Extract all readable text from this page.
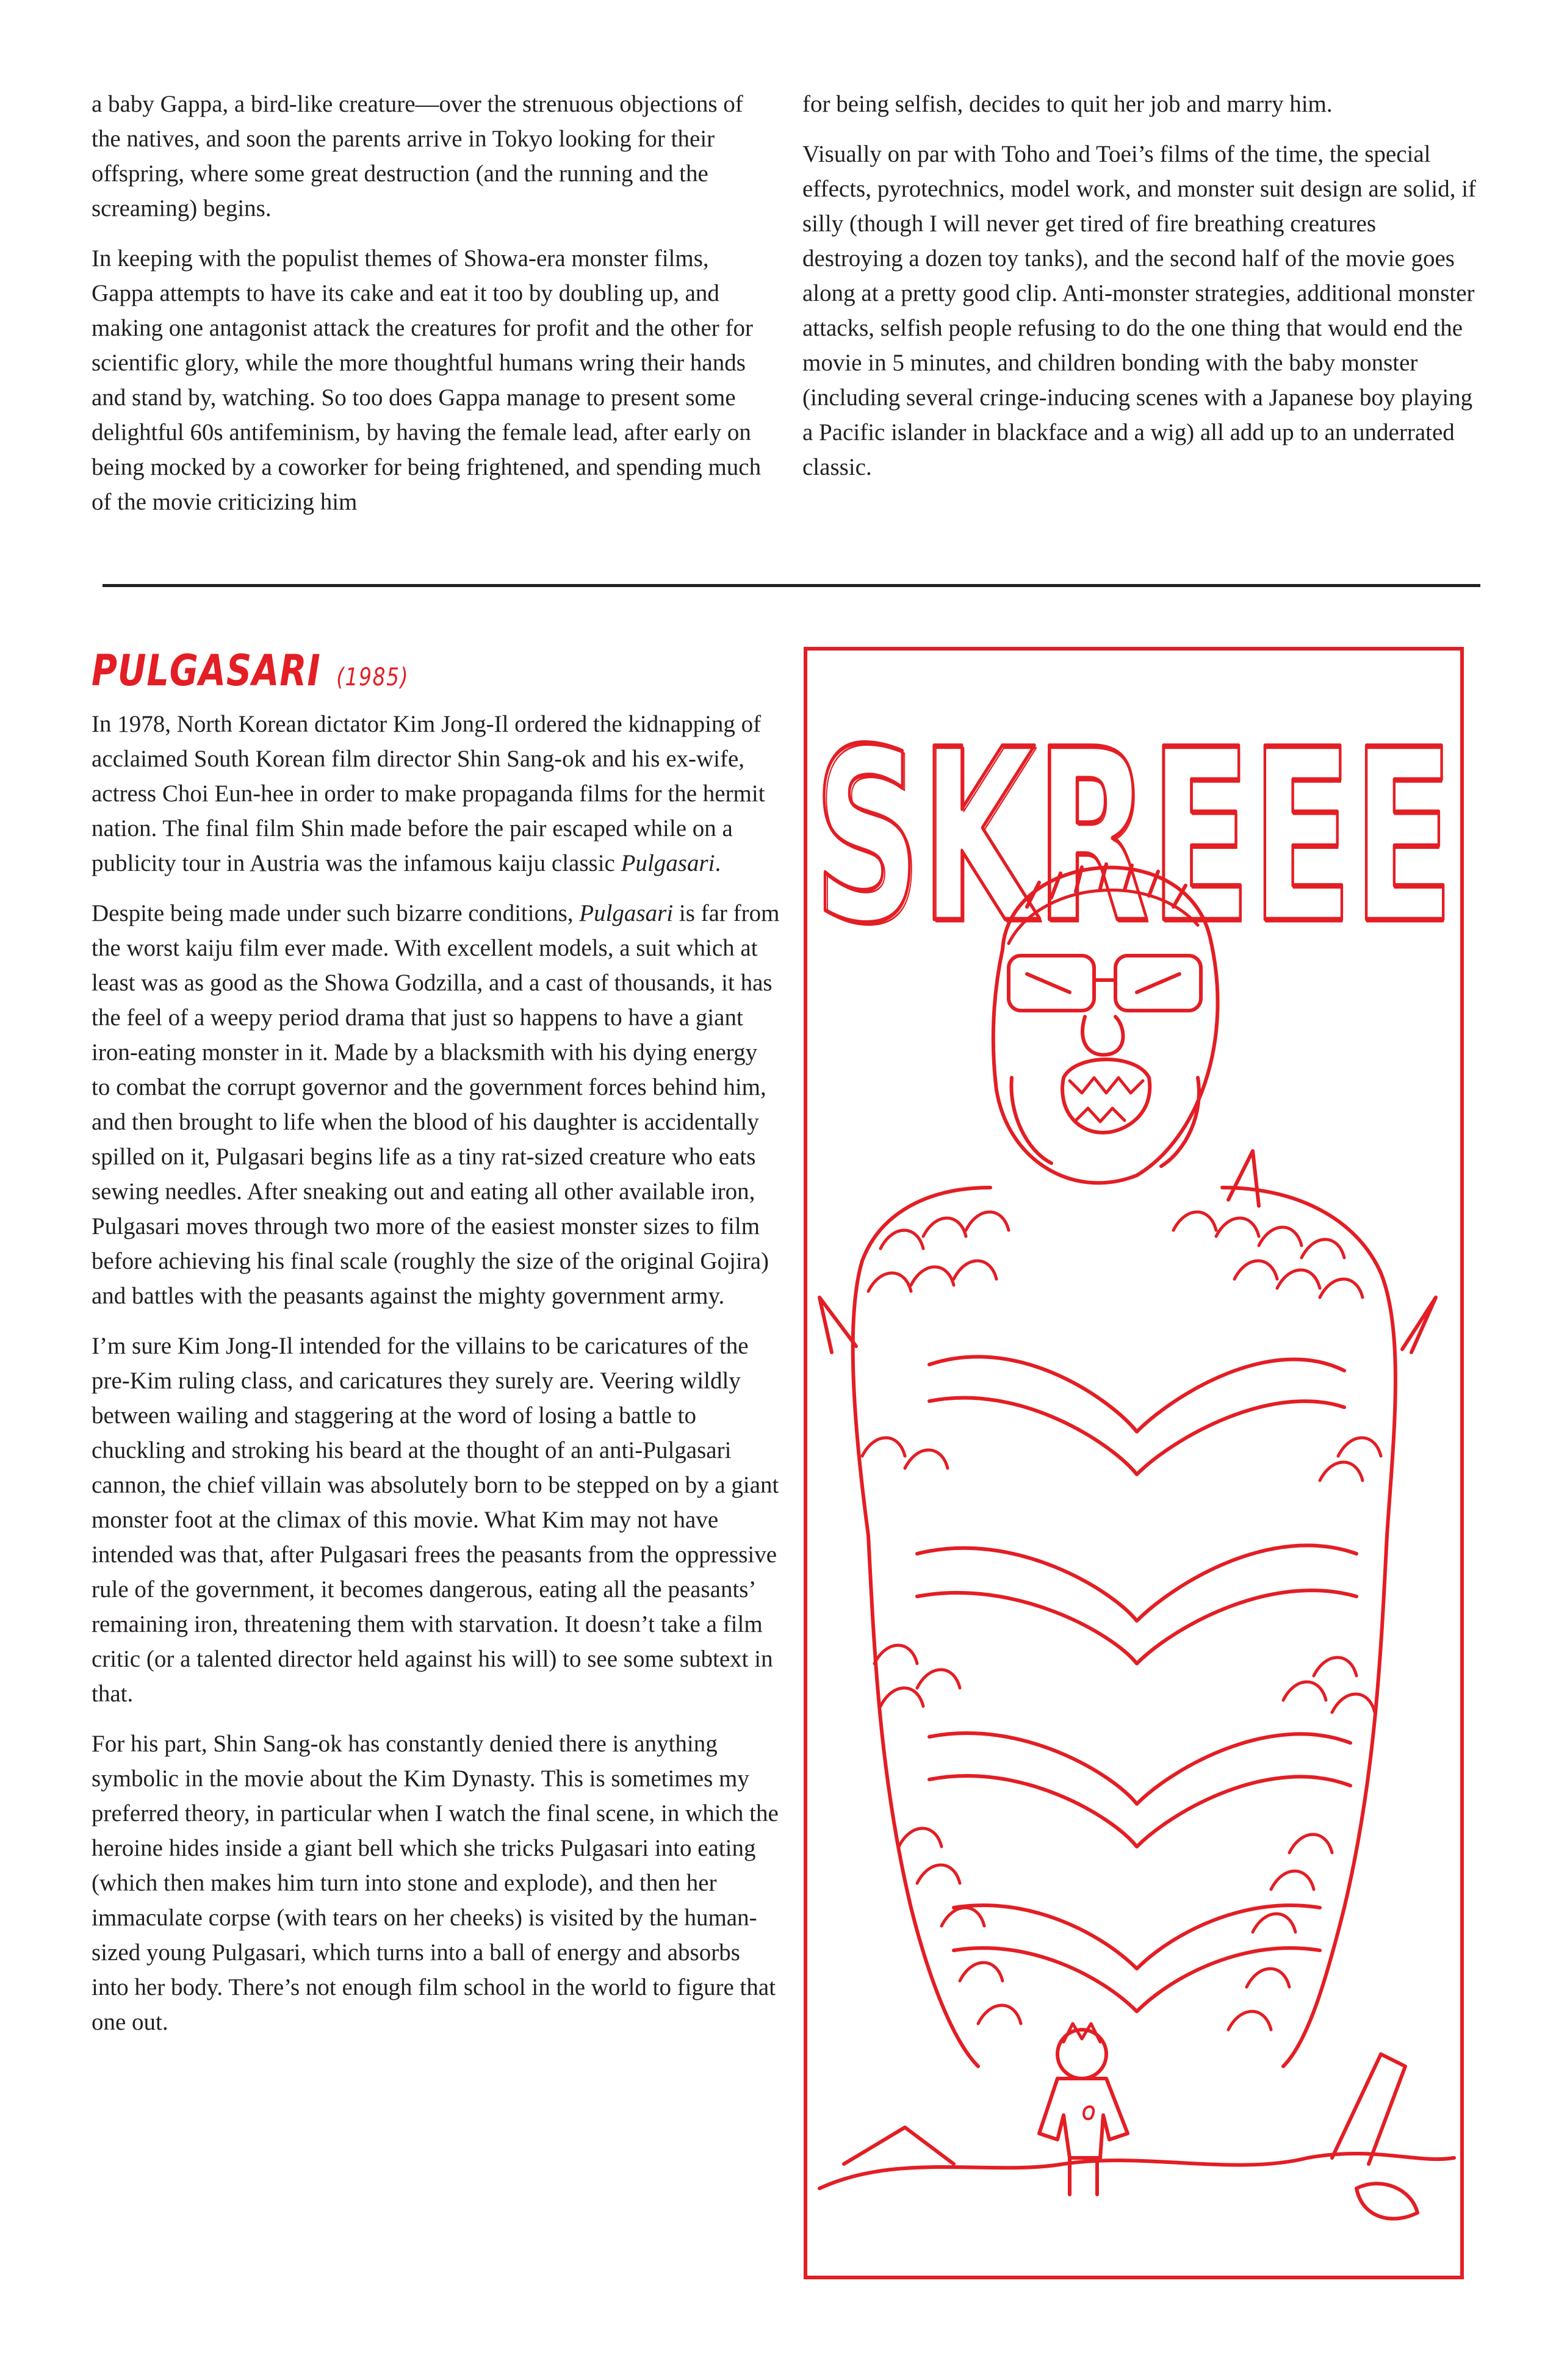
a baby Gappa, a bird-like creature—over the strenuous objections of the natives, and soon the parents arrive in Tokyo looking for their offspring, where some great destruction (and the running and the screaming) begins.

In keeping with the populist themes of Showa-era monster films, Gappa attempts to have its cake and eat it too by doubling up, and making one antagonist attack the creatures for profit and the other for scientific glory, while the more thoughtful humans wring their hands and stand by, watching. So too does Gappa manage to present some delightful 60s antifeminism, by having the female lead, after early on being mocked by a coworker for being frightened, and spending much of the movie criticizing him

for being selfish, decides to quit her job and marry him.

Visually on par with Toho and Toei’s films of the time, the special effects, pyrotechnics, model work, and monster suit design are solid, if silly (though I will never get tired of fire breathing creatures destroying a dozen toy tanks), and the second half of the movie goes along at a pretty good clip. Anti-monster strategies, additional monster attacks, selfish people refusing to do the one thing that would end the movie in 5 minutes, and children bonding with the baby monster (including several cringe-inducing scenes with a Japanese boy playing a Pacific islander in blackface and a wig) all add up to an underrated classic.

PULGASARI (1985)

In 1978, North Korean dictator Kim Jong-Il ordered the kidnapping of acclaimed South Korean film director Shin Sang-ok and his ex-wife, actress Choi Eun-hee in order to make propaganda films for the hermit nation. The final film Shin made before the pair escaped while on a publicity tour in Austria was the infamous kaiju classic Pulgasari.

Despite being made under such bizarre conditions, Pulgasari is far from the worst kaiju film ever made. With excellent models, a suit which at least was as good as the Showa Godzilla, and a cast of thousands, it has the feel of a weepy period drama that just so happens to have a giant iron-eating monster in it. Made by a blacksmith with his dying energy to combat the corrupt governor and the government forces behind him, and then brought to life when the blood of his daughter is accidentally spilled on it, Pulgasari begins life as a tiny rat-sized creature who eats sewing needles. After sneaking out and eating all other available iron, Pulgasari moves through two more of the easiest monster sizes to film before achieving his final scale (roughly the size of the original Gojira) and battles with the peasants against the mighty government army.

I’m sure Kim Jong-Il intended for the villains to be caricatures of the pre-Kim ruling class, and caricatures they surely are. Veering wildly between wailing and staggering at the word of losing a battle to chuckling and stroking his beard at the thought of an anti-Pulgasari cannon, the chief villain was absolutely born to be stepped on by a giant monster foot at the climax of this movie. What Kim may not have intended was that, after Pulgasari frees the peasants from the oppressive rule of the government, it becomes dangerous, eating all the peasants’ remaining iron, threatening them with starvation. It doesn’t take a film critic (or a talented director held against his will) to see some subtext in that.

For his part, Shin Sang-ok has constantly denied there is anything symbolic in the movie about the Kim Dynasty. This is sometimes my preferred theory, in particular when I watch the final scene, in which the heroine hides inside a giant bell which she tricks Pulgasari into eating (which then makes him turn into stone and explode), and then her immaculate corpse (with tears on her cheeks) is visited by the human-sized young Pulgasari, which turns into a ball of energy and absorbs into her body. There’s not enough film school in the world to figure that one out.

SKREEE
SKREEE
